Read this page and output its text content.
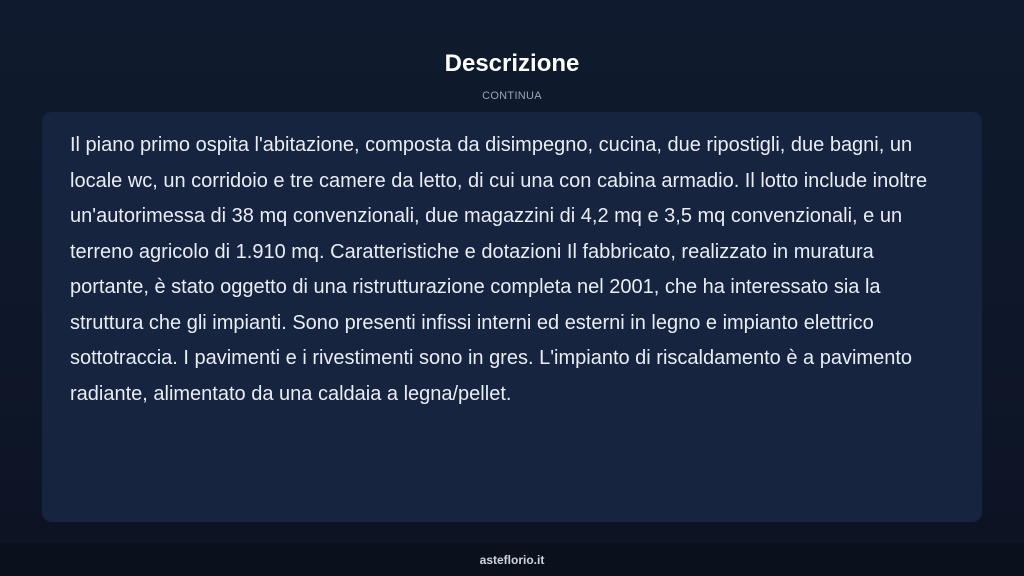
Descrizione
CONTINUA

Il piano primo ospita l'abitazione, composta da disimpegno, cucina, due ripostigli, due bagni, un locale wc, un corridoio e tre camere da letto, di cui una con cabina armadio. Il lotto include inoltre un'autorimessa di 38 mq convenzionali, due magazzini di 4,2 mq e 3,5 mq convenzionali, e un terreno agricolo di 1.910 mq. Caratteristiche e dotazioni Il fabbricato, realizzato in muratura portante, è stato oggetto di una ristrutturazione completa nel 2001, che ha interessato sia la struttura che gli impianti. Sono presenti infissi interni ed esterni in legno e impianto elettrico sottotraccia. I pavimenti e i rivestimenti sono in gres. L'impianto di riscaldamento è a pavimento radiante, alimentato da una caldaia a legna/pellet.

asteflorio.it
